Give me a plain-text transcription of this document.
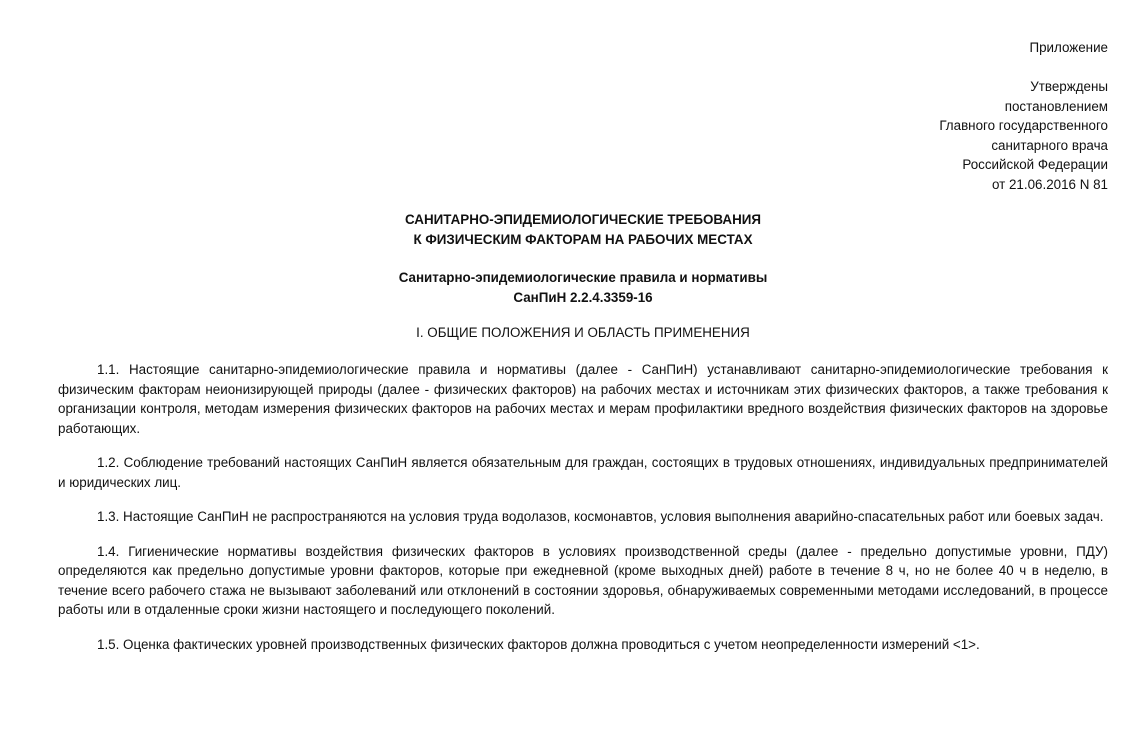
Приложение

Утверждены
постановлением
Главного государственного
санитарного врача
Российской Федерации
от 21.06.2016 N 81
САНИТАРНО-ЭПИДЕМИОЛОГИЧЕСКИЕ ТРЕБОВАНИЯ
К ФИЗИЧЕСКИМ ФАКТОРАМ НА РАБОЧИХ МЕСТАХ
Санитарно-эпидемиологические правила и нормативы
СанПиН 2.2.4.3359-16
I. ОБЩИЕ ПОЛОЖЕНИЯ И ОБЛАСТЬ ПРИМЕНЕНИЯ

1.1. Настоящие санитарно-эпидемиологические правила и нормативы (далее - СанПиН) устанавливают санитарно-эпидемиологические требования к физическим факторам неионизирующей природы (далее - физических факторов) на рабочих местах и источникам этих физических факторов, а также требования к организации контроля, методам измерения физических факторов на рабочих местах и мерам профилактики вредного воздействия физических факторов на здоровье работающих.

1.2. Соблюдение требований настоящих СанПиН является обязательным для граждан, состоящих в трудовых отношениях, индивидуальных предпринимателей и юридических лиц.

1.3. Настоящие СанПиН не распространяются на условия труда водолазов, космонавтов, условия выполнения аварийно-спасательных работ или боевых задач.

1.4. Гигиенические нормативы воздействия физических факторов в условиях производственной среды (далее - предельно допустимые уровни, ПДУ) определяются как предельно допустимые уровни факторов, которые при ежедневной (кроме выходных дней) работе в течение 8 ч, но не более 40 ч в неделю, в течение всего рабочего стажа не вызывают заболеваний или отклонений в состоянии здоровья, обнаруживаемых современными методами исследований, в процессе работы или в отдаленные сроки жизни настоящего и последующего поколений.

1.5. Оценка фактических уровней производственных физических факторов должна проводиться с учетом неопределенности измерений <1>.
